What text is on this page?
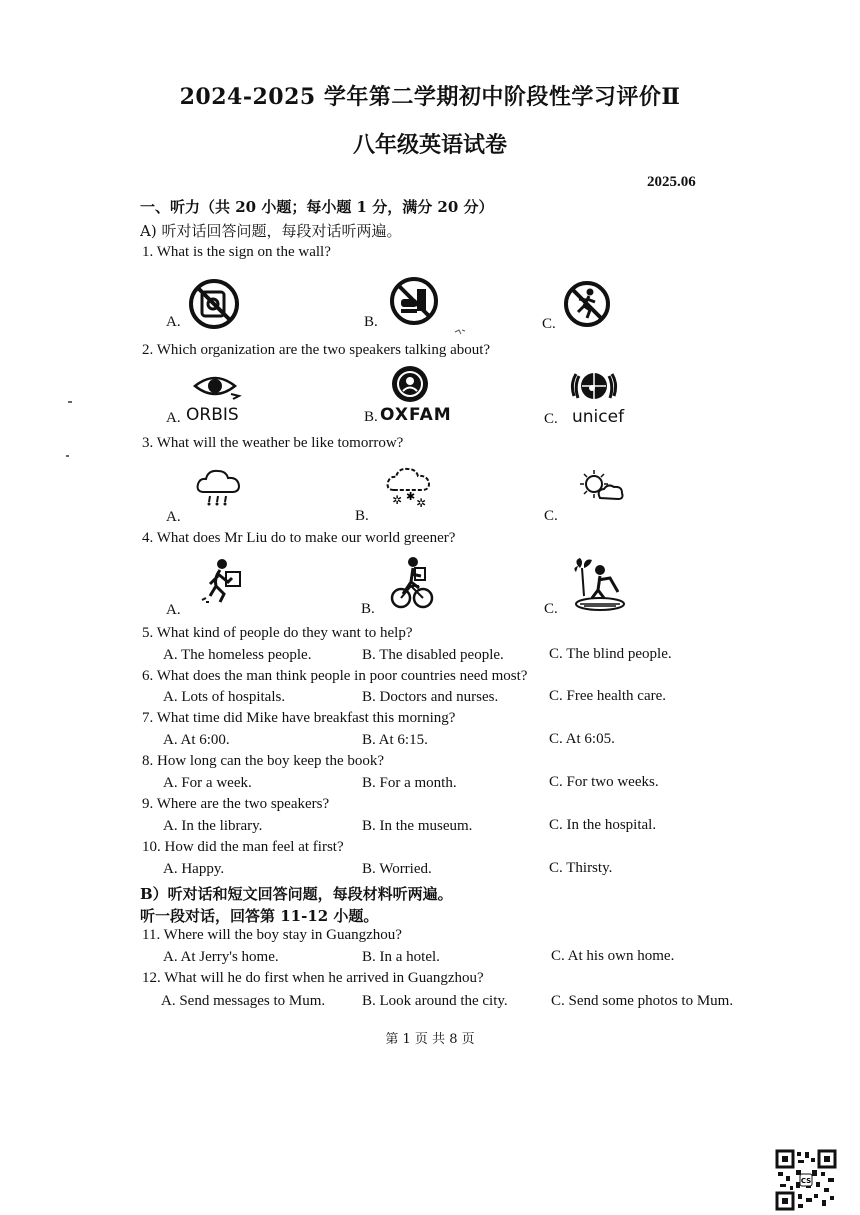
2024-2025 学年第二学期初中阶段性学习评价Ⅱ
八年级英语试卷
2025.06
一、听力（共 20 小题；每小题 1 分，满分 20 分）
A) 听对话回答问题，每段对话听两遍。
1. What is the sign on the wall?
A.	B.	C.
2. Which organization are the two speakers talking about?
A. ORBIS	B. OXFAM	C. unicef
3. What will the weather be like tomorrow?
A.	B.	C.
✲ ✱ ✲
4. What does Mr Liu do to make our world greener?
A.	B.	C.
5. What kind of people do they want to help?
A. The homeless people.	B. The disabled people.	C. The blind people.
6. What does the man think people in poor countries need most?
A. Lots of hospitals.	B. Doctors and nurses.	C. Free health care.
7. What time did Mike have breakfast this morning?
A. At 6:00.	B. At 6:15.	C. At 6:05.
8. How long can the boy keep the book?
A. For a week.	B. For a month.	C. For two weeks.
9. Where are the two speakers?
A. In the library.	B. In the museum.	C. In the hospital.
10. How did the man feel at first?
A. Happy.	B. Worried.	C. Thirsty.
B）听对话和短文回答问题，每段材料听两遍。
听一段对话，回答第 11-12 小题。
11. Where will the boy stay in Guangzhou?
A. At Jerry's home.	B. In a hotel.	C. At his own home.
12. What will he do first when he arrived in Guangzhou?
A. Send messages to Mum. B. Look around the city.	C. Send some photos to Mum.
第 1 页 共 8 页
CS
